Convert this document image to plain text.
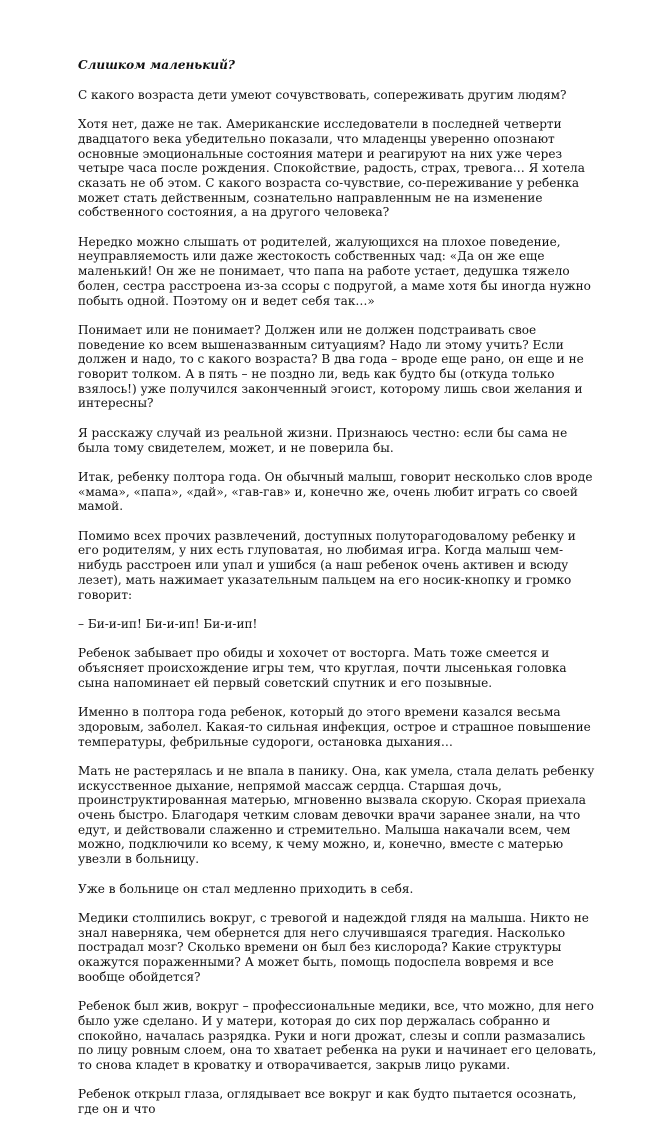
Слишком маленький?
С какого возраста дети умеют сочувствовать, сопереживать другим людям?
Хотя нет, даже не так. Американские исследователи в последней четверти двадцатого века убедительно показали, что младенцы уверенно опознают основные эмоциональные состояния матери и реагируют на них уже через четыре часа после рождения. Спокойствие, радость, страх, тревога… Я хотела сказать не об этом. С какого возраста со-чувствие, со-переживание у ребенка может стать действенным, сознательно направленным не на изменение собственного состояния, а на другого человека?
Нередко можно слышать от родителей, жалующихся на плохое поведение, неуправляемость или даже жестокость собственных чад: «Да он же еще маленький! Он же не понимает, что папа на работе устает, дедушка тяжело болен, сестра расстроена из-за ссоры с подругой, а маме хотя бы иногда нужно побыть одной. Поэтому он и ведет себя так…»
Понимает или не понимает? Должен или не должен подстраивать свое поведение ко всем вышеназванным ситуациям? Надо ли этому учить? Если должен и надо, то с какого возраста? В два года – вроде еще рано, он еще и не говорит толком. А в пять – не поздно ли, ведь как будто бы (откуда только взялось!) уже получился законченный эгоист, которому лишь свои желания и интересны?
Я расскажу случай из реальной жизни. Признаюсь честно: если бы сама не была тому свидетелем, может, и не поверила бы.
Итак, ребенку полтора года. Он обычный малыш, говорит несколько слов вроде «мама», «папа», «дай», «гав-гав» и, конечно же, очень любит играть со своей мамой.
Помимо всех прочих развлечений, доступных полуторагодовалому ребенку и его родителям, у них есть глуповатая, но любимая игра. Когда малыш чем-нибудь расстроен или упал и ушибся (а наш ребенок очень активен и всюду лезет), мать нажимает указательным пальцем на его носик-кнопку и громко говорит:
– Би-и-ип! Би-и-ип! Би-и-ип!
Ребенок забывает про обиды и хохочет от восторга. Мать тоже смеется и объясняет происхождение игры тем, что круглая, почти лысенькая головка сына напоминает ей первый советский спутник и его позывные.
Именно в полтора года ребенок, который до этого времени казался весьма здоровым, заболел. Какая-то сильная инфекция, острое и страшное повышение температуры, фебрильные судороги, остановка дыхания…
Мать не растерялась и не впала в панику. Она, как умела, стала делать ребенку искусственное дыхание, непрямой массаж сердца. Старшая дочь, проинструктированная матерью, мгновенно вызвала скорую. Скорая приехала очень быстро. Благодаря четким словам девочки врачи заранее знали, на что едут, и действовали слаженно и стремительно. Малыша накачали всем, чем можно, подключили ко всему, к чему можно, и, конечно, вместе с матерью увезли в больницу.
Уже в больнице он стал медленно приходить в себя.
Медики столпились вокруг, с тревогой и надеждой глядя на малыша. Никто не знал наверняка, чем обернется для него случившаяся трагедия. Насколько пострадал мозг? Сколько времени он был без кислорода? Какие структуры окажутся пораженными? А может быть, помощь подоспела вовремя и все вообще обойдется?
Ребенок был жив, вокруг – профессиональные медики, все, что можно, для него было уже сделано. И у матери, которая до сих пор держалась собранно и спокойно, началась разрядка. Руки и ноги дрожат, слезы и сопли размазались по лицу ровным слоем, она то хватает ребенка на руки и начинает его целовать, то снова кладет в кроватку и отворачивается, закрыв лицо руками.
Ребенок открыл глаза, оглядывает все вокруг и как будто пытается осознать, где он и что
